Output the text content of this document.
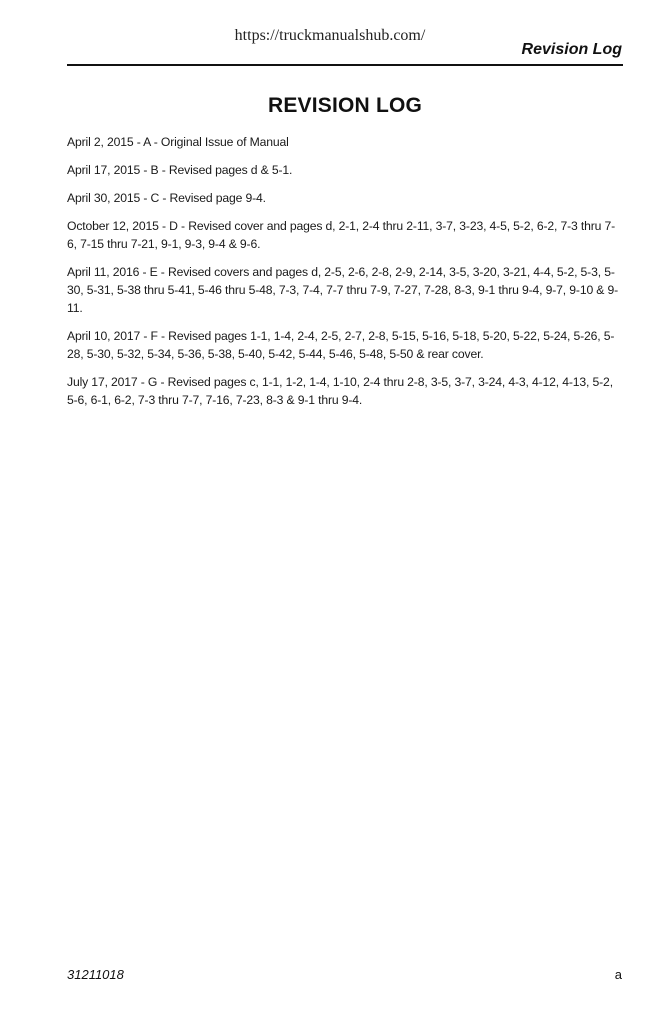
https://truckmanualshub.com/
Revision Log
REVISION LOG
April 2, 2015 - A - Original Issue of Manual
April 17, 2015 - B - Revised pages d & 5-1.
April 30, 2015 - C - Revised page 9-4.
October 12, 2015 - D - Revised cover and pages d, 2-1, 2-4 thru 2-11, 3-7, 3-23, 4-5, 5-2, 6-2, 7-3 thru 7-6, 7-15 thru 7-21, 9-1, 9-3, 9-4 & 9-6.
April 11, 2016 - E - Revised covers and pages d, 2-5, 2-6, 2-8, 2-9, 2-14, 3-5, 3-20, 3-21, 4-4, 5-2, 5-3, 5-30, 5-31, 5-38 thru 5-41, 5-46 thru 5-48, 7-3, 7-4, 7-7 thru 7-9, 7-27, 7-28, 8-3, 9-1 thru 9-4, 9-7, 9-10 & 9-11.
April 10, 2017 - F - Revised pages 1-1, 1-4, 2-4, 2-5, 2-7, 2-8, 5-15, 5-16, 5-18, 5-20, 5-22, 5-24, 5-26, 5-28, 5-30, 5-32, 5-34, 5-36, 5-38, 5-40, 5-42, 5-44, 5-46, 5-48, 5-50 & rear cover.
July 17, 2017 - G - Revised pages c, 1-1, 1-2, 1-4, 1-10, 2-4 thru 2-8, 3-5, 3-7, 3-24, 4-3, 4-12, 4-13, 5-2, 5-6, 6-1, 6-2, 7-3 thru 7-7, 7-16, 7-23, 8-3 & 9-1 thru 9-4.
31211018	a
